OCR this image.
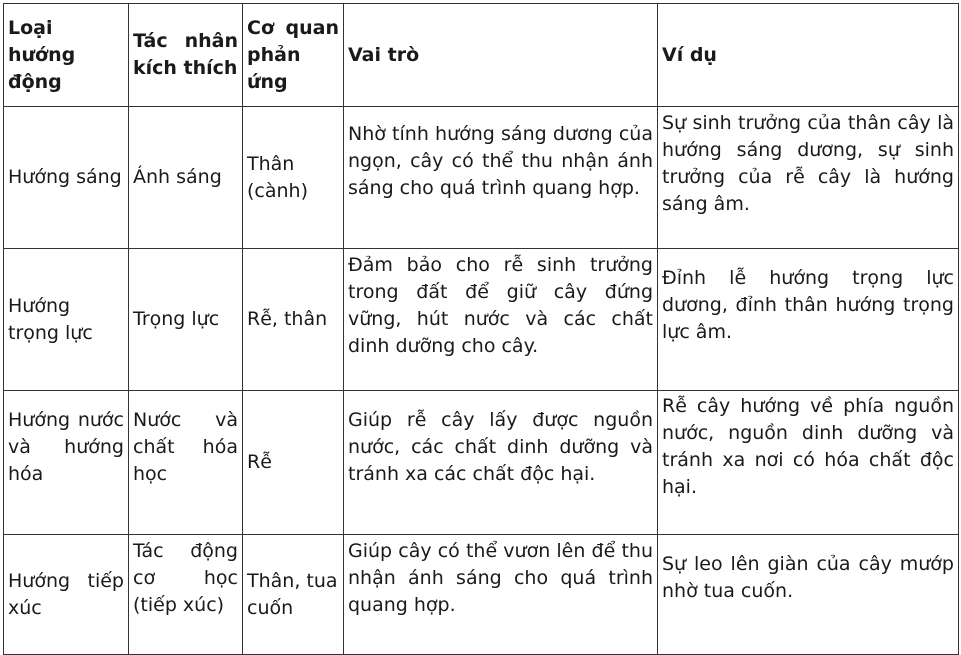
Loại hướng động	Tác nhân kích thích	Cơ quan phản ứng	Vai trò	Ví dụ
Hướng sáng	Ánh sáng	Thân (cành)	Nhờ tính hướng sáng dương của ngọn, cây có thể thu nhận ánh sáng cho quá trình quang hợp.	Sự sinh trưởng của thân cây là hướng sáng dương, sự sinh trưởng của rễ cây là hướng sáng âm.
Hướng trọng lực	Trọng lực	Rễ, thân	Đảm bảo cho rễ sinh trưởng trong đất để giữ cây đứng vững, hút nước và các chất dinh dưỡng cho cây.	Đỉnh lễ hướng trọng lực dương, đỉnh thân hướng trọng lực âm.
Hướng nước và hướng hóa	Nước và chất hóa học	Rễ	Giúp rễ cây lấy được nguồn nước, các chất dinh dưỡng và tránh xa các chất độc hại.	Rễ cây hướng về phía nguồn nước, nguồn dinh dưỡng và tránh xa nơi có hóa chất độc hại.
Hướng tiếp xúc	Tác động cơ học (tiếp xúc)	Thân, tua cuốn	Giúp cây có thể vươn lên để thu nhận ánh sáng cho quá trình quang hợp.	Sự leo lên giàn của cây mướp nhờ tua cuốn.
